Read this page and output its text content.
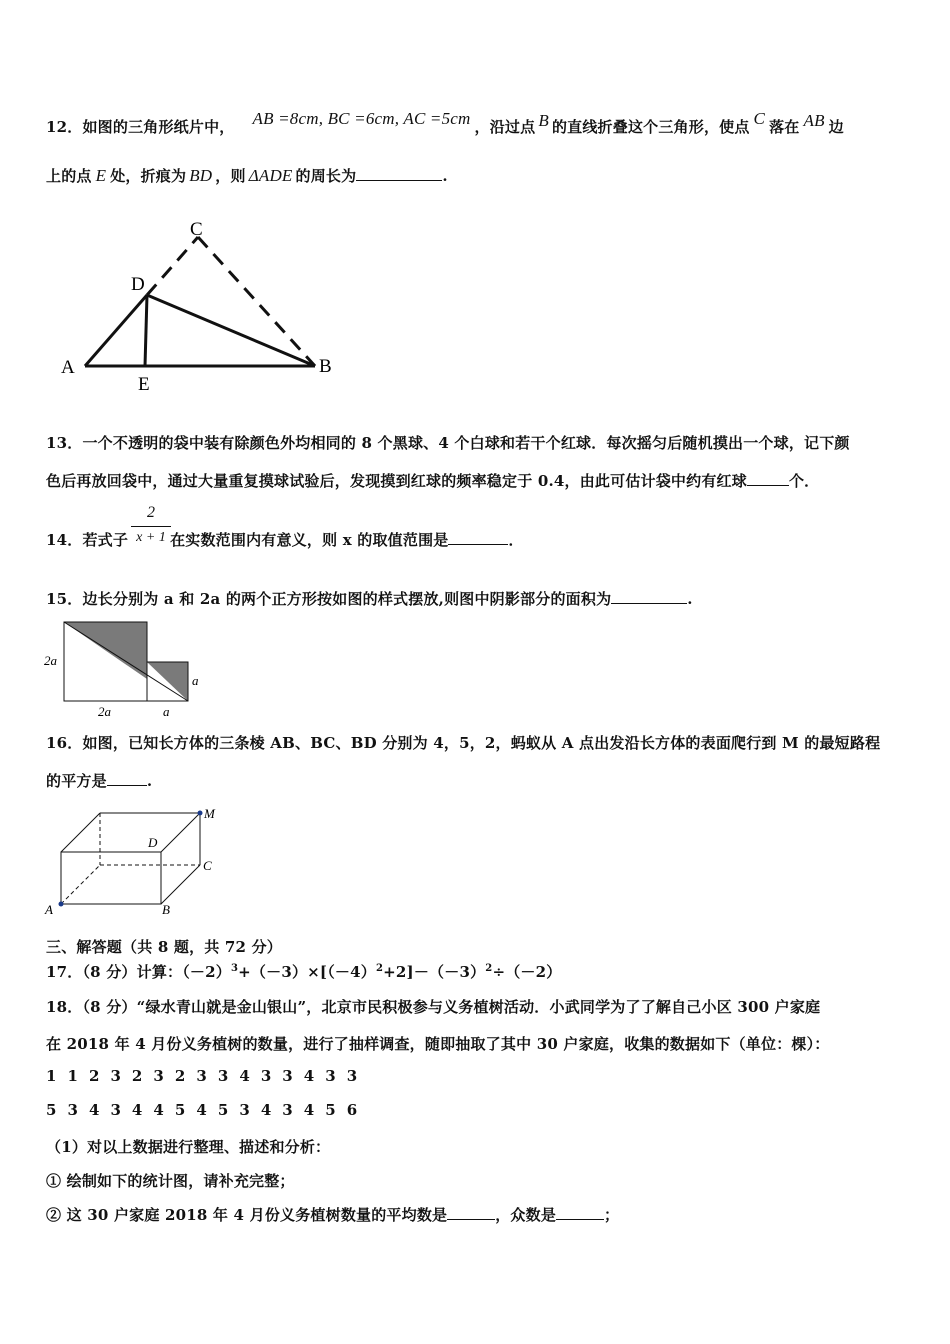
12．如图的三角形纸片中， AB =8cm, BC =6cm, AC =5cm ，沿过点 B 的直线折叠这个三角形，使点 C 落在 AB 边
上的点 E 处，折痕为 BD ，则 ΔADE 的周长为	.
C
D
A
E
B
13．一个不透明的袋中装有除颜色外均相同的 8 个黑球、4 个白球和若干个红球．每次摇匀后随机摸出一个球，记下颜
色后再放回袋中，通过大量重复摸球试验后，发现摸到红球的频率稳定于 0.4，由此可估计袋中约有红球	个．
14．若式子	在实数范围内有意义，则 x 的取值范围是	．
2
x + 1
15．边长分别为 a 和 2a 的两个正方形按如图的样式摆放,则图中阴影部分的面积为	.
2a
2a	a
a
16．如图，已知长方体的三条棱 AB、BC、BD 分别为 4，5，2，蚂蚁从 A 点出发沿长方体的表面爬行到 M 的最短路程
的平方是	.
M
D
C
A	B
三、解答题（共 8 题，共 72 分）
17．（8 分）计算：$(-2)^3+(-3)\times[(-4)^2+2]-(-3)^2\div(-2)$
18．（8 分）“绿水青山就是金山银山”，北京市民积极参与义务植树活动．小武同学为了了解自己小区 300 户家庭
在 2018 年 4 月份义务植树的数量，进行了抽样调查，随即抽取了其中 30 户家庭，收集的数据如下（单位：棵）：
1  1  2  3  2  3  2  3  3  4  3  3  4  3  3
5  3  4  3  4  4  5  4  5  3  4  3  4  5  6
（1）对以上数据进行整理、描述和分析：
① 绘制如下的统计图，请补充完整；
② 这 30 户家庭 2018 年 4 月份义务植树数量的平均数是	，众数是	；
